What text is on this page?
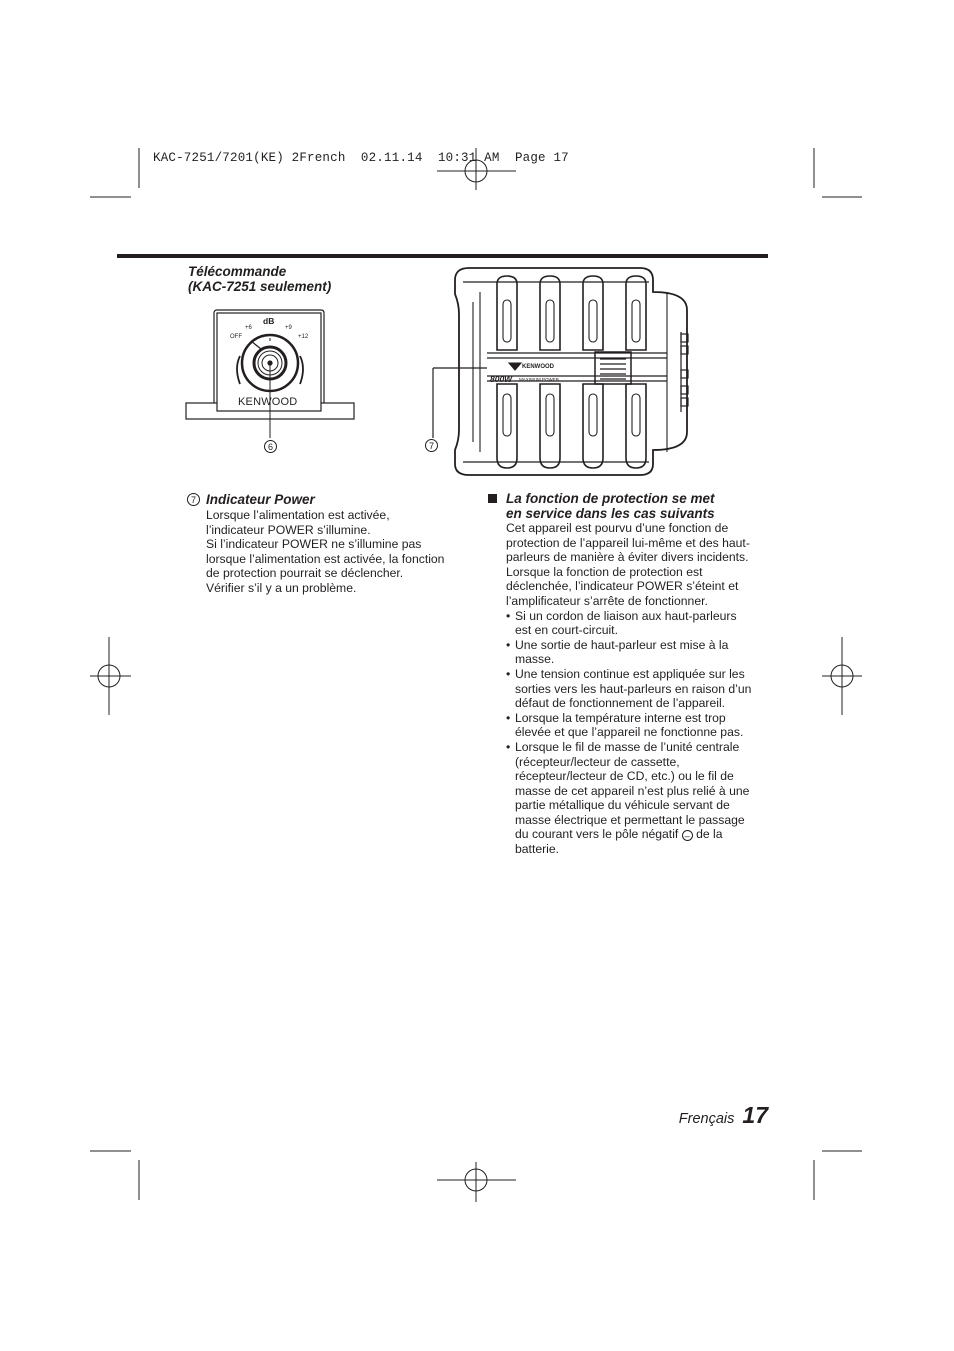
KAC-7251/7201(KE) 2French  02.11.14  10:31 AM  Page 17
Télécommande
(KAC-7251 seulement)
dB
+6	+9
OFF	+12
KENWOOD
6
KENWOOD
800W MAXIMUM POWER
7
7 Indicateur Power
Lorsque l’alimentation est activée,
l’indicateur POWER s’illumine.
Si l’indicateur POWER ne s’illumine pas
lorsque l’alimentation est activée, la fonction
de protection pourrait se déclencher.
Vérifier s’il y a un problème.
La fonction de protection se met
en service dans les cas suivants
Cet appareil est pourvu d’une fonction de
protection de l’appareil lui-même et des haut-
parleurs de manière à éviter divers incidents.
Lorsque la fonction de protection est
déclenchée, l’indicateur POWER s’éteint et
l’amplificateur s’arrête de fonctionner.
• Si un cordon de liaison aux haut-parleurs
est en court-circuit.
• Une sortie de haut-parleur est mise à la
masse.
• Une tension continue est appliquée sur les
sorties vers les haut-parleurs en raison d’un
défaut de fonctionnement de l’appareil.
• Lorsque la température interne est trop
élevée et que l’appareil ne fonctionne pas.
• Lorsque le fil de masse de l’unité centrale
(récepteur/lecteur de cassette,
récepteur/lecteur de CD, etc.) ou le fil de
masse de cet appareil n’est plus relié à une
partie métallique du véhicule servant de
masse électrique et permettant le passage
du courant vers le pôle négatif – de la
batterie.
Frençais 17
